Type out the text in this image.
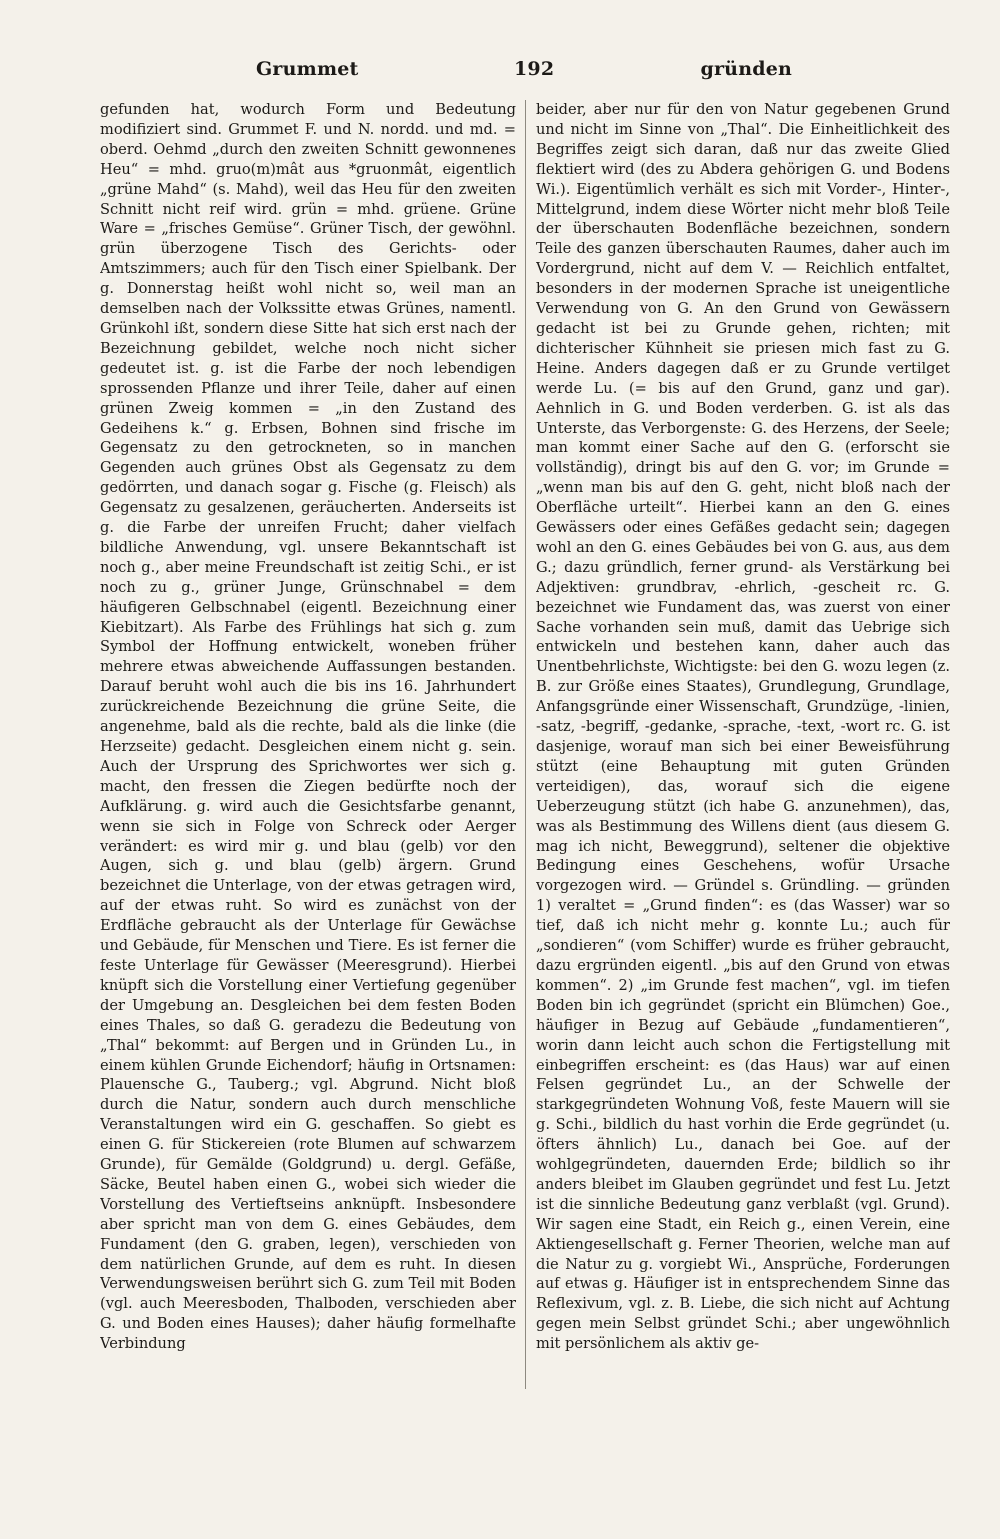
Grummet	192	gründen

gefunden hat, wodurch Form und Bedeutung modifiziert sind. Grummet F. und N. nordd. und md. = oberd. Oehmd „durch den zweiten Schnitt gewonnenes Heu“ = mhd. gruo(m)mât aus *gruonmât, eigentlich „grüne Mahd“ (s. Mahd), weil das Heu für den zweiten Schnitt nicht reif wird. grün = mhd. grüene. Grüne Ware = „frisches Gemüse“. Grüner Tisch, der gewöhnl. grün überzogene Tisch des Gerichts- oder Amtszimmers; auch für den Tisch einer Spielbank. Der g. Donnerstag heißt wohl nicht so, weil man an demselben nach der Volkssitte etwas Grünes, namentl. Grünkohl ißt, sondern diese Sitte hat sich erst nach der Bezeichnung gebildet, welche noch nicht sicher gedeutet ist. g. ist die Farbe der noch lebendigen sprossenden Pflanze und ihrer Teile, daher auf einen grünen Zweig kommen = „in den Zustand des Gedeihens k.“ g. Erbsen, Bohnen sind frische im Gegensatz zu den getrockneten, so in manchen Gegenden auch grünes Obst als Gegensatz zu dem gedörrten, und danach sogar g. Fische (g. Fleisch) als Gegensatz zu gesalzenen, geräucherten. Anderseits ist g. die Farbe der unreifen Frucht; daher vielfach bildliche Anwendung, vgl. unsere Bekanntschaft ist noch g., aber meine Freundschaft ist zeitig Schi., er ist noch zu g., grüner Junge, Grünschnabel = dem häufigeren Gelbschnabel (eigentl. Bezeichnung einer Kiebitzart). Als Farbe des Frühlings hat sich g. zum Symbol der Hoffnung entwickelt, woneben früher mehrere etwas abweichende Auffassungen bestanden. Darauf beruht wohl auch die bis ins 16. Jahrhundert zurückreichende Bezeichnung die grüne Seite, die angenehme, bald als die rechte, bald als die linke (die Herzseite) gedacht. Desgleichen einem nicht g. sein. Auch der Ursprung des Sprichwortes wer sich g. macht, den fressen die Ziegen bedürfte noch der Aufklärung. g. wird auch die Gesichtsfarbe genannt, wenn sie sich in Folge von Schreck oder Aerger verändert: es wird mir g. und blau (gelb) vor den Augen, sich g. und blau (gelb) ärgern. Grund bezeichnet die Unterlage, von der etwas getragen wird, auf der etwas ruht. So wird es zunächst von der Erdfläche gebraucht als der Unterlage für Gewächse und Gebäude, für Menschen und Tiere. Es ist ferner die feste Unterlage für Gewässer (Meeresgrund). Hierbei knüpft sich die Vorstellung einer Vertiefung gegenüber der Umgebung an. Desgleichen bei dem festen Boden eines Thales, so daß G. geradezu die Bedeutung von „Thal“ bekommt: auf Bergen und in Gründen Lu., in einem kühlen Grunde Eichendorf; häufig in Ortsnamen: Plauensche G., Tauberg.; vgl. Abgrund. Nicht bloß durch die Natur, sondern auch durch menschliche Veranstaltungen wird ein G. geschaffen. So giebt es einen G. für Stickereien (rote Blumen auf schwarzem Grunde), für Gemälde (Goldgrund) u. dergl. Gefäße, Säcke, Beutel haben einen G., wobei sich wieder die Vorstellung des Vertieftseins anknüpft. Insbesondere aber spricht man von dem G. eines Gebäudes, dem Fundament (den G. graben, legen), verschieden von dem natürlichen Grunde, auf dem es ruht. In diesen Verwendungsweisen berührt sich G. zum Teil mit Boden (vgl. auch Meeresboden, Thalboden, verschieden aber G. und Boden eines Hauses); daher häufig formelhafte Verbindung

beider, aber nur für den von Natur gegebenen Grund und nicht im Sinne von „Thal“. Die Einheitlichkeit des Begriffes zeigt sich daran, daß nur das zweite Glied flektiert wird (des zu Abdera gehörigen G. und Bodens Wi.). Eigentümlich verhält es sich mit Vorder-, Hinter-, Mittelgrund, indem diese Wörter nicht mehr bloß Teile der überschauten Bodenfläche bezeichnen, sondern Teile des ganzen überschauten Raumes, daher auch im Vordergrund, nicht auf dem V. — Reichlich entfaltet, besonders in der modernen Sprache ist uneigentliche Verwendung von G. An den Grund von Gewässern gedacht ist bei zu Grunde gehen, richten; mit dichterischer Kühnheit sie priesen mich fast zu G. Heine. Anders dagegen daß er zu Grunde vertilget werde Lu. (= bis auf den Grund, ganz und gar). Aehnlich in G. und Boden verderben. G. ist als das Unterste, das Verborgenste: G. des Herzens, der Seele; man kommt einer Sache auf den G. (erforscht sie vollständig), dringt bis auf den G. vor; im Grunde = „wenn man bis auf den G. geht, nicht bloß nach der Oberfläche urteilt“. Hierbei kann an den G. eines Gewässers oder eines Gefäßes gedacht sein; dagegen wohl an den G. eines Gebäudes bei von G. aus, aus dem G.; dazu gründlich, ferner grund- als Verstärkung bei Adjektiven: grundbrav, -ehrlich, -gescheit rc. G. bezeichnet wie Fundament das, was zuerst von einer Sache vorhanden sein muß, damit das Uebrige sich entwickeln und bestehen kann, daher auch das Unentbehrlichste, Wichtigste: bei den G. wozu legen (z. B. zur Größe eines Staates), Grundlegung, Grundlage, Anfangsgründe einer Wissenschaft, Grundzüge, -linien, -satz, -begriff, -gedanke, -sprache, -text, -wort rc. G. ist dasjenige, worauf man sich bei einer Beweisführung stützt (eine Behauptung mit guten Gründen verteidigen), das, worauf sich die eigene Ueberzeugung stützt (ich habe G. anzunehmen), das, was als Bestimmung des Willens dient (aus diesem G. mag ich nicht, Beweggrund), seltener die objektive Bedingung eines Geschehens, wofür Ursache vorgezogen wird. — Gründel s. Gründling. — gründen 1) veraltet = „Grund finden“: es (das Wasser) war so tief, daß ich nicht mehr g. konnte Lu.; auch für „sondieren“ (vom Schiffer) wurde es früher gebraucht, dazu ergründen eigentl. „bis auf den Grund von etwas kommen“. 2) „im Grunde fest machen“, vgl. im tiefen Boden bin ich gegründet (spricht ein Blümchen) Goe., häufiger in Bezug auf Gebäude „fundamentieren“, worin dann leicht auch schon die Fertigstellung mit einbegriffen erscheint: es (das Haus) war auf einen Felsen gegründet Lu., an der Schwelle der starkgegründeten Wohnung Voß, feste Mauern will sie g. Schi., bildlich du hast vorhin die Erde gegründet (u. öfters ähnlich) Lu., danach bei Goe. auf der wohlgegründeten, dauernden Erde; bildlich so ihr anders bleibet im Glauben gegründet und fest Lu. Jetzt ist die sinnliche Bedeutung ganz verblaßt (vgl. Grund). Wir sagen eine Stadt, ein Reich g., einen Verein, eine Aktiengesellschaft g. Ferner Theorien, welche man auf die Natur zu g. vorgiebt Wi., Ansprüche, Forderungen auf etwas g. Häufiger ist in entsprechendem Sinne das Reflexivum, vgl. z. B. Liebe, die sich nicht auf Achtung gegen mein Selbst gründet Schi.; aber ungewöhnlich mit persönlichem als aktiv ge-
